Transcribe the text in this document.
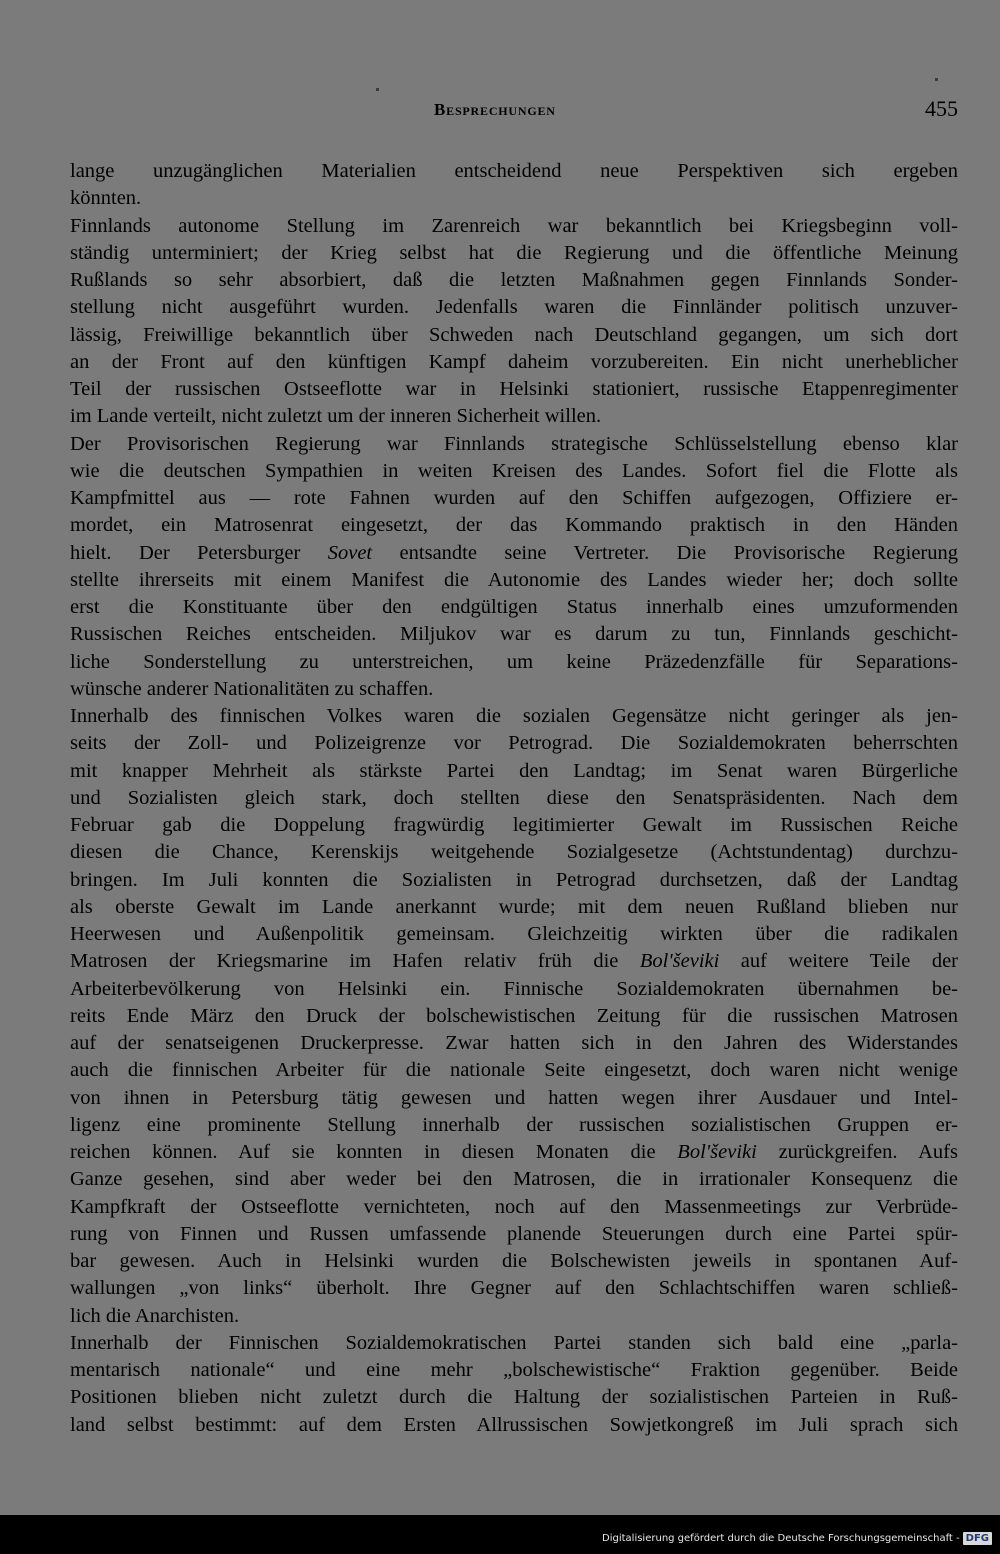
Besprechungen	455
lange unzugänglichen Materialien entscheidend neue Perspektiven sich ergeben
könnten.
Finnlands autonome Stellung im Zarenreich war bekanntlich bei Kriegsbeginn voll-
ständig unterminiert; der Krieg selbst hat die Regierung und die öffentliche Meinung
Rußlands so sehr absorbiert, daß die letzten Maßnahmen gegen Finnlands Sonder-
stellung nicht ausgeführt wurden. Jedenfalls waren die Finnländer politisch unzuver-
lässig, Freiwillige bekanntlich über Schweden nach Deutschland gegangen, um sich dort
an der Front auf den künftigen Kampf daheim vorzubereiten. Ein nicht unerheblicher
Teil der russischen Ostseeflotte war in Helsinki stationiert, russische Etappenregimenter
im Lande verteilt, nicht zuletzt um der inneren Sicherheit willen.
Der Provisorischen Regierung war Finnlands strategische Schlüsselstellung ebenso klar
wie die deutschen Sympathien in weiten Kreisen des Landes. Sofort fiel die Flotte als
Kampfmittel aus — rote Fahnen wurden auf den Schiffen aufgezogen, Offiziere er-
mordet, ein Matrosenrat eingesetzt, der das Kommando praktisch in den Händen
hielt. Der Petersburger Sovet entsandte seine Vertreter. Die Provisorische Regierung
stellte ihrerseits mit einem Manifest die Autonomie des Landes wieder her; doch sollte
erst die Konstituante über den endgültigen Status innerhalb eines umzuformenden
Russischen Reiches entscheiden. Miljukov war es darum zu tun, Finnlands geschicht-
liche Sonderstellung zu unterstreichen, um keine Präzedenzfälle für Separations-
wünsche anderer Nationalitäten zu schaffen.
Innerhalb des finnischen Volkes waren die sozialen Gegensätze nicht geringer als jen-
seits der Zoll- und Polizeigrenze vor Petrograd. Die Sozialdemokraten beherrschten
mit knapper Mehrheit als stärkste Partei den Landtag; im Senat waren Bürgerliche
und Sozialisten gleich stark, doch stellten diese den Senatspräsidenten. Nach dem
Februar gab die Doppelung fragwürdig legitimierter Gewalt im Russischen Reiche
diesen die Chance, Kerenskijs weitgehende Sozialgesetze (Achtstundentag) durchzu-
bringen. Im Juli konnten die Sozialisten in Petrograd durchsetzen, daß der Landtag
als oberste Gewalt im Lande anerkannt wurde; mit dem neuen Rußland blieben nur
Heerwesen und Außenpolitik gemeinsam. Gleichzeitig wirkten über die radikalen
Matrosen der Kriegsmarine im Hafen relativ früh die Bol'ševiki auf weitere Teile der
Arbeiterbevölkerung von Helsinki ein. Finnische Sozialdemokraten übernahmen be-
reits Ende März den Druck der bolschewistischen Zeitung für die russischen Matrosen
auf der senatseigenen Druckerpresse. Zwar hatten sich in den Jahren des Widerstandes
auch die finnischen Arbeiter für die nationale Seite eingesetzt, doch waren nicht wenige
von ihnen in Petersburg tätig gewesen und hatten wegen ihrer Ausdauer und Intel-
ligenz eine prominente Stellung innerhalb der russischen sozialistischen Gruppen er-
reichen können. Auf sie konnten in diesen Monaten die Bol'ševiki zurückgreifen. Aufs
Ganze gesehen, sind aber weder bei den Matrosen, die in irrationaler Konsequenz die
Kampfkraft der Ostseeflotte vernichteten, noch auf den Massenmeetings zur Verbrüde-
rung von Finnen und Russen umfassende planende Steuerungen durch eine Partei spür-
bar gewesen. Auch in Helsinki wurden die Bolschewisten jeweils in spontanen Auf-
wallungen „von links“ überholt. Ihre Gegner auf den Schlachtschiffen waren schließ-
lich die Anarchisten.
Innerhalb der Finnischen Sozialdemokratischen Partei standen sich bald eine „parla-
mentarisch nationale“ und eine mehr „bolschewistische“ Fraktion gegenüber. Beide
Positionen blieben nicht zuletzt durch die Haltung der sozialistischen Parteien in Ruß-
land selbst bestimmt: auf dem Ersten Allrussischen Sowjetkongreß im Juli sprach sich
Digitalisierung gefördert durch die Deutsche Forschungsgemeinschaft - DFG
